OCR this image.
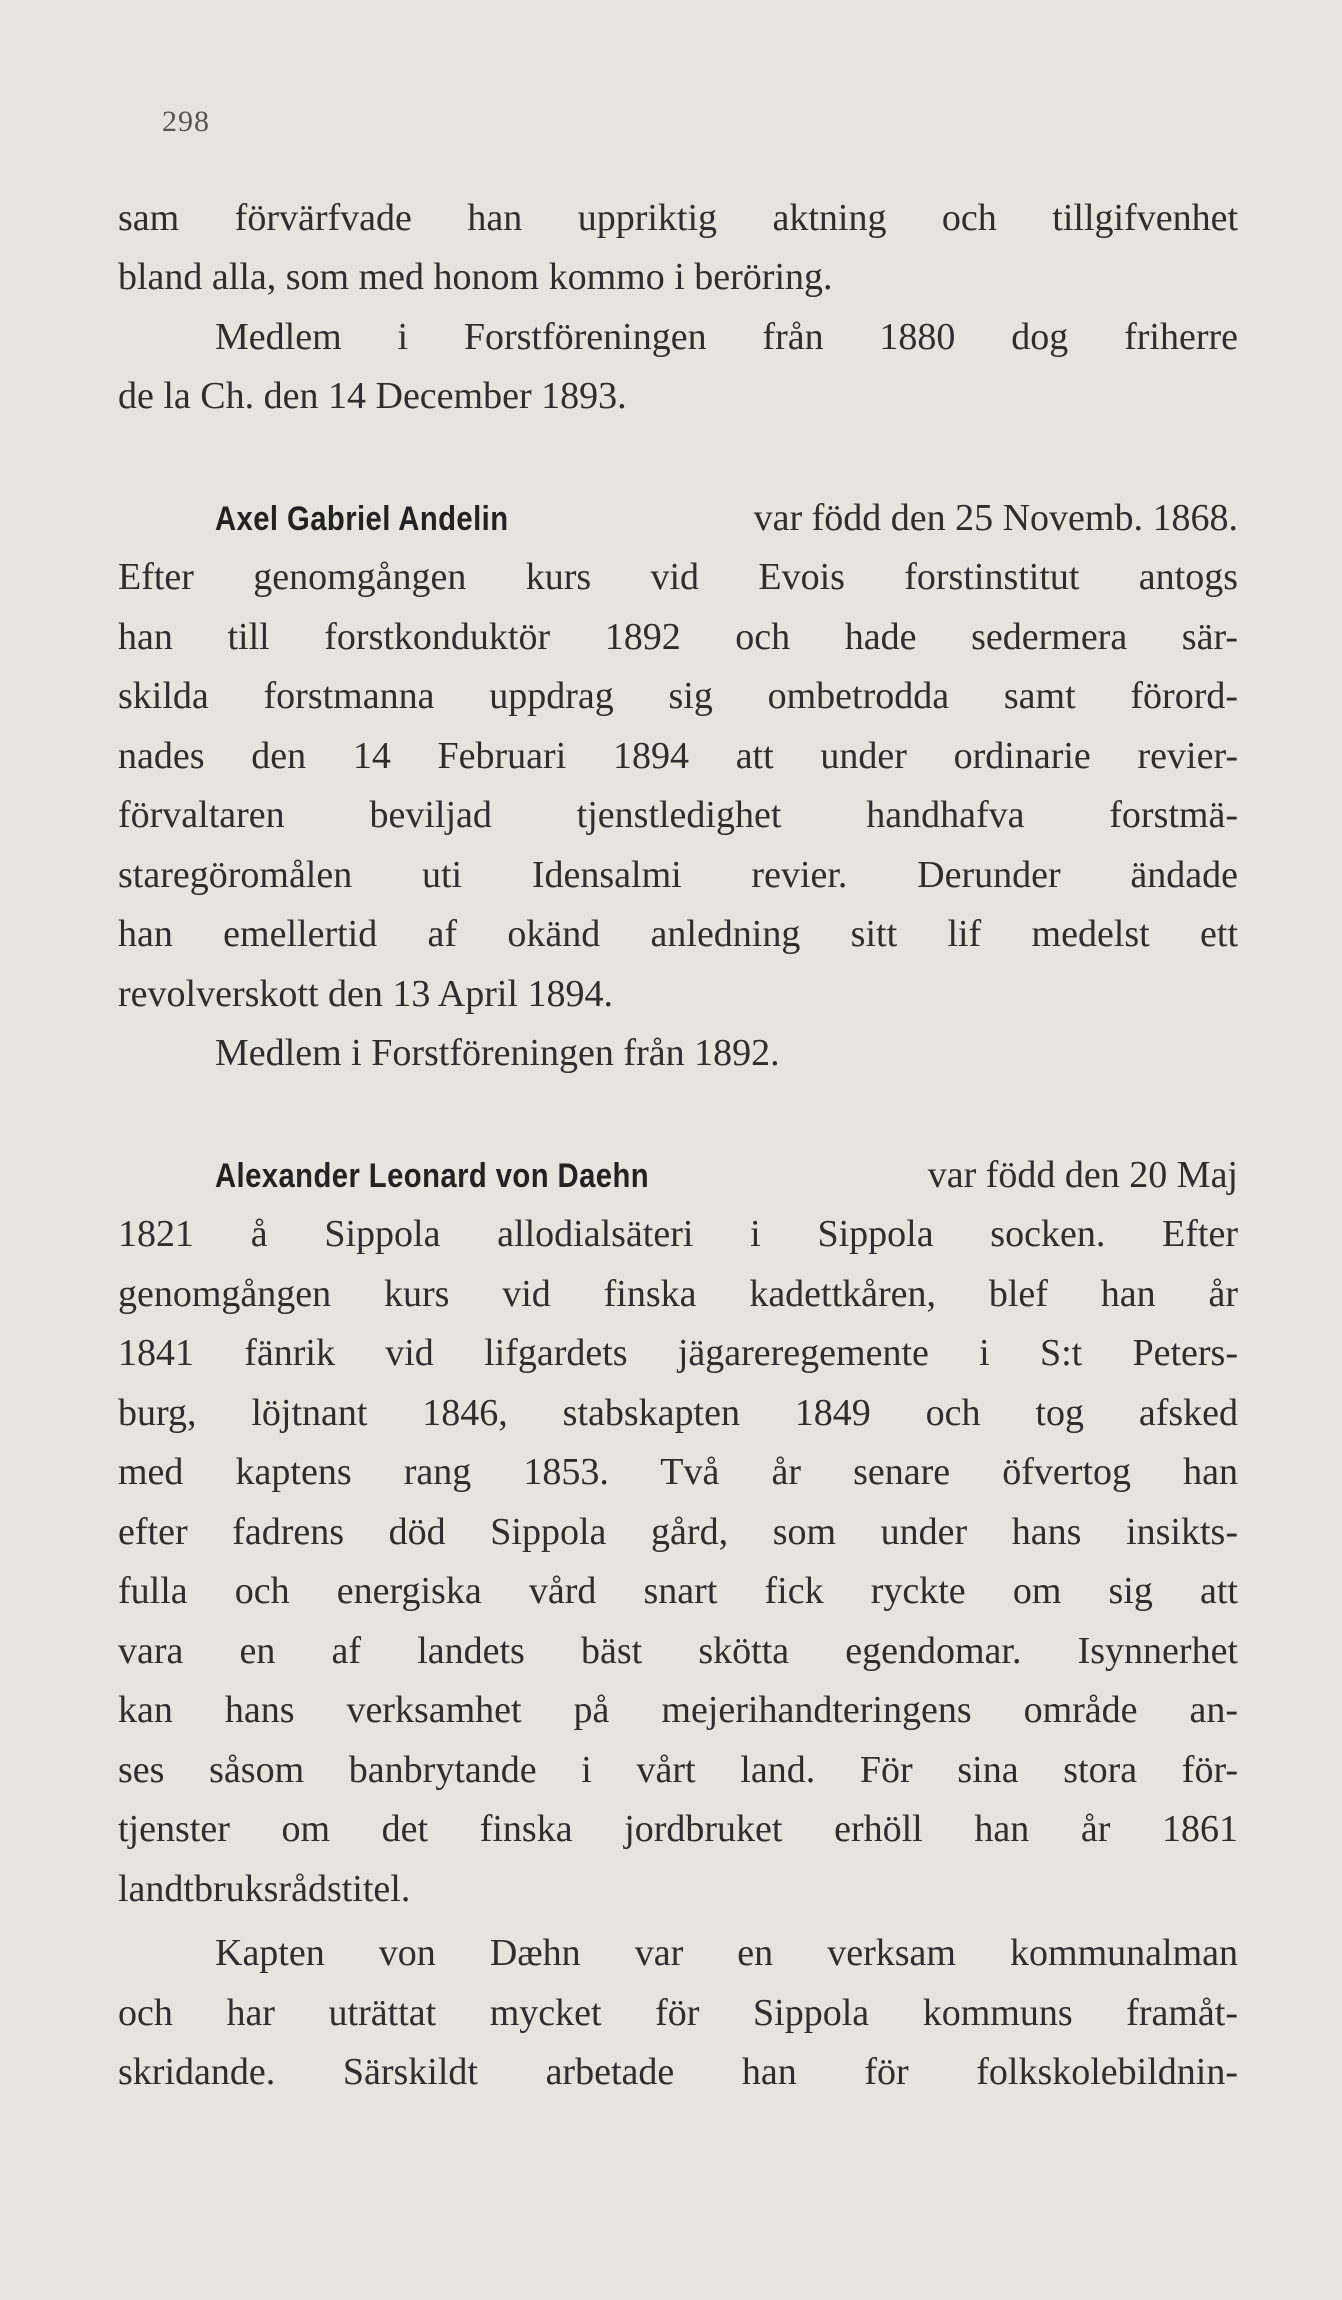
298
sam förvärfvade han uppriktig aktning och tillgifvenhet
bland alla, som med honom kommo i beröring.
Medlem i Forstföreningen från 1880 dog friherre
de la Ch. den 14 December 1893.
Axel Gabriel Andelin	var född den 25 Novemb. 1868.
Efter genomgången kurs vid Evois forstinstitut antogs
han till forstkonduktör 1892 och hade sedermera sär-
skilda forstmanna uppdrag sig ombetrodda samt förord-
nades den 14 Februari 1894 att under ordinarie revier-
förvaltaren beviljad tjenstledighet handhafva forstmä-
staregöromålen uti Idensalmi revier. Derunder ändade
han emellertid af okänd anledning sitt lif medelst ett
revolverskott den 13 April 1894.
Medlem i Forstföreningen från 1892.
Alexander Leonard von Daehn	var född den 20 Maj
1821 å Sippola allodialsäteri i Sippola socken. Efter
genomgången kurs vid finska kadettkåren, blef han år
1841 fänrik vid lifgardets jägareregemente i S:t Peters-
burg, löjtnant 1846, stabskapten 1849 och tog afsked
med kaptens rang 1853. Två år senare öfvertog han
efter fadrens död Sippola gård, som under hans insikts-
fulla och energiska vård snart fick ryckte om sig att
vara en af landets bäst skötta egendomar. Isynnerhet
kan hans verksamhet på mejerihandteringens område an-
ses såsom banbrytande i vårt land. För sina stora för-
tjenster om det finska jordbruket erhöll han år 1861
landtbruksrådstitel.
Kapten von Dæhn var en verksam kommunalman
och har uträttat mycket för Sippola kommuns framåt-
skridande. Särskildt arbetade han för folkskolebildnin-
